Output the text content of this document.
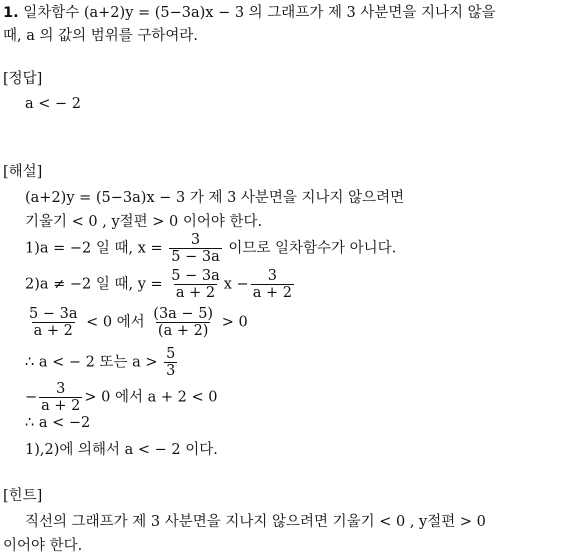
1. 일차함수 (a+2)y = (5−3a)x − 3 의 그래프가 제 3 사분면을 지나지 않을
때, a 의 값의 범위를 구하여라.
[정답]
a < − 2
[해설]
(a+2)y = (5−3a)x − 3 가 제 3 사분면을 지나지 않으려면
기울기 < 0 , y절편 > 0 이어야 한다.
1)a = −2 일 때, $x = \frac{3}{5 - 3a}$ 이므로 일차함수가 아니다.
2)a ≠ −2 일 때, $y = \frac{5 - 3a}{a + 2}$ $x - \frac{3}{a + 2}$
$\frac{5 - 3a}{a + 2} < 0$ 에서 $\frac{(3a - 5)}{(a + 2)} > 0$
∴ a < − 2 또는 $a > \frac{5}{3}$
− $\frac{3}{a + 2} > 0$ 에서 a + 2 < 0
∴ a < −2
1),2)에 의해서 a < − 2 이다.
[힌트]
직선의 그래프가 제 3 사분면을 지나지 않으려면 기울기 < 0 , y절편 > 0
이어야 한다.
